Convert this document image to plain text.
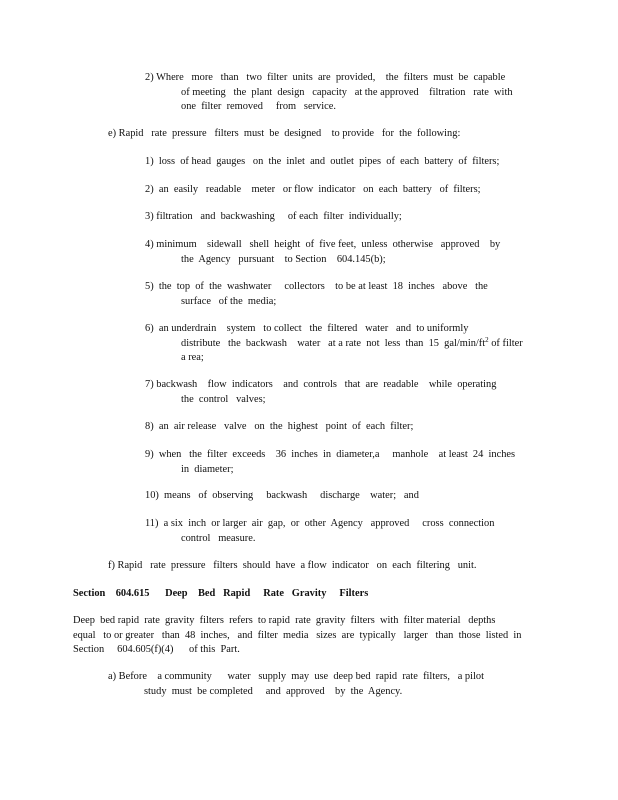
2) Where   more   than   two  filter  units  are  provided,    the  filters  must  be  capable
of meeting   the  plant  design   capacity   at the approved    filtration   rate  with
one  filter  removed     from   service.
e) Rapid   rate  pressure   filters  must  be  designed    to provide   for  the  following:
1)  loss  of head  gauges   on  the  inlet  and  outlet  pipes  of  each  battery  of  filters;
2)  an  easily   readable    meter   or flow  indicator   on  each  battery   of  filters;
3) filtration   and  backwashing     of each  filter  individually;
4) minimum    sidewall   shell  height  of  five feet,  unless  otherwise   approved    by
the  Agency   pursuant    to Section    604.145(b);
5)  the  top  of  the  washwater     collectors    to be at least  18  inches   above   the
surface   of the  media;
6)  an underdrain    system   to collect   the  filtered   water   and  to uniformly
distribute   the  backwash    water   at a rate  not  less  than  15  gal/$\min/ft^2$ of filter
a rea;
7) backwash    flow  indicators    and  controls   that  are  readable    while  operating
the  control   valves;
8)  an  air release   valve   on  the  highest   point  of  each  filter;
9)  when   the  filter  exceeds    36  inches  in  diameter,a     manhole    at least  24  inches
in  diameter;
10)  means   of  observing     backwash     discharge    water;   and
11)  a six  inch  or larger  air  gap,  or  other  Agency   approved     cross  connection
control   measure.
f) Rapid   rate  pressure   filters  should  have  a flow  indicator   on  each  filtering   unit.
Section    604.615      Deep    Bed   Rapid     Rate   Gravity     Filters
Deep  bed rapid  rate  gravity  filters  refers  to rapid  rate  gravity  filters  with  filter material   depths
equal   to or greater   than  48  inches,   and  filter  media   sizes  are  typically   larger   than  those  listed  in
Section     604.605(f)(4)      of this  Part.
a) Before    a community      water   supply  may  use  deep bed  rapid  rate  filters,   a pilot
study  must  be completed     and  approved    by  the  Agency.
